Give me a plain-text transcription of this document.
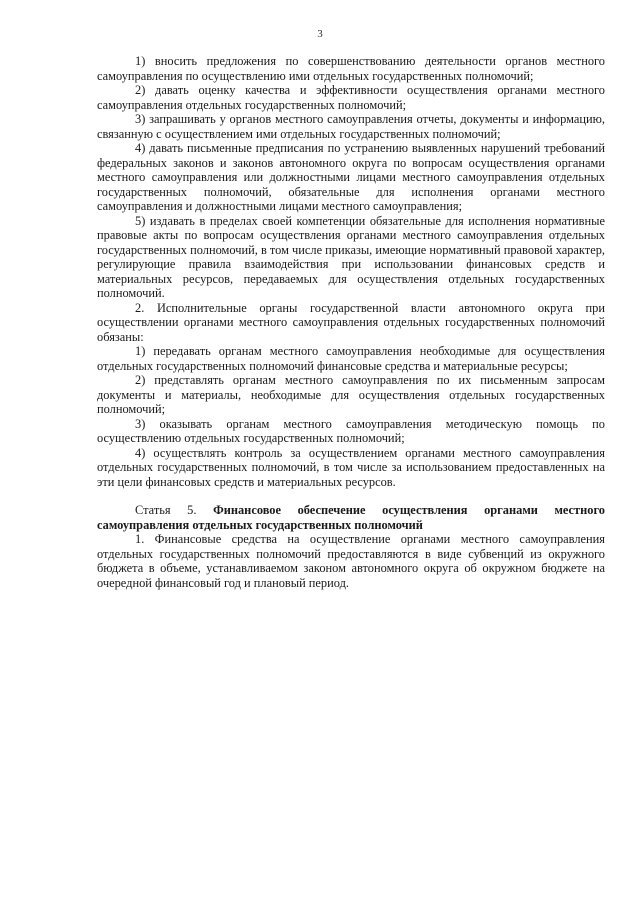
3

1) вносить предложения по совершенствованию деятельности органов местного самоуправления по осуществлению ими отдельных государственных полномочий;

2) давать оценку качества и эффективности осуществления органами местного самоуправления отдельных государственных полномочий;

3) запрашивать у органов местного самоуправления отчеты, документы и информацию, связанную с осуществлением ими отдельных государственных полномочий;

4) давать письменные предписания по устранению выявленных нарушений требований федеральных законов и законов автономного округа по вопросам осуществления органами местного самоуправления или должностными лицами местного самоуправления отдельных государственных полномочий, обязательные для исполнения органами местного самоуправления и должностными лицами местного самоуправления;

5) издавать в пределах своей компетенции обязательные для исполнения нормативные правовые акты по вопросам осуществления органами местного самоуправления отдельных государственных полномочий, в том числе приказы, имеющие нормативный правовой характер, регулирующие правила взаимодействия при использовании финансовых средств и материальных ресурсов, передаваемых для осуществления отдельных государственных полномочий.

2. Исполнительные органы государственной власти автономного округа при осуществлении органами местного самоуправления отдельных государственных полномочий обязаны:

1) передавать органам местного самоуправления необходимые для осуществления отдельных государственных полномочий финансовые средства и материальные ресурсы;

2) представлять органам местного самоуправления по их письменным запросам документы и материалы, необходимые для осуществления отдельных государственных полномочий;

3) оказывать органам местного самоуправления методическую помощь по осуществлению отдельных государственных полномочий;

4) осуществлять контроль за осуществлением органами местного самоуправления отдельных государственных полномочий, в том числе за использованием предоставленных на эти цели финансовых средств и материальных ресурсов.

Статья 5. Финансовое обеспечение осуществления органами местного самоуправления отдельных государственных полномочий

1. Финансовые средства на осуществление органами местного самоуправления отдельных государственных полномочий предоставляются в виде субвенций из окружного бюджета в объеме, устанавливаемом законом автономного округа об окружном бюджете на очередной финансовый год и плановый период.
